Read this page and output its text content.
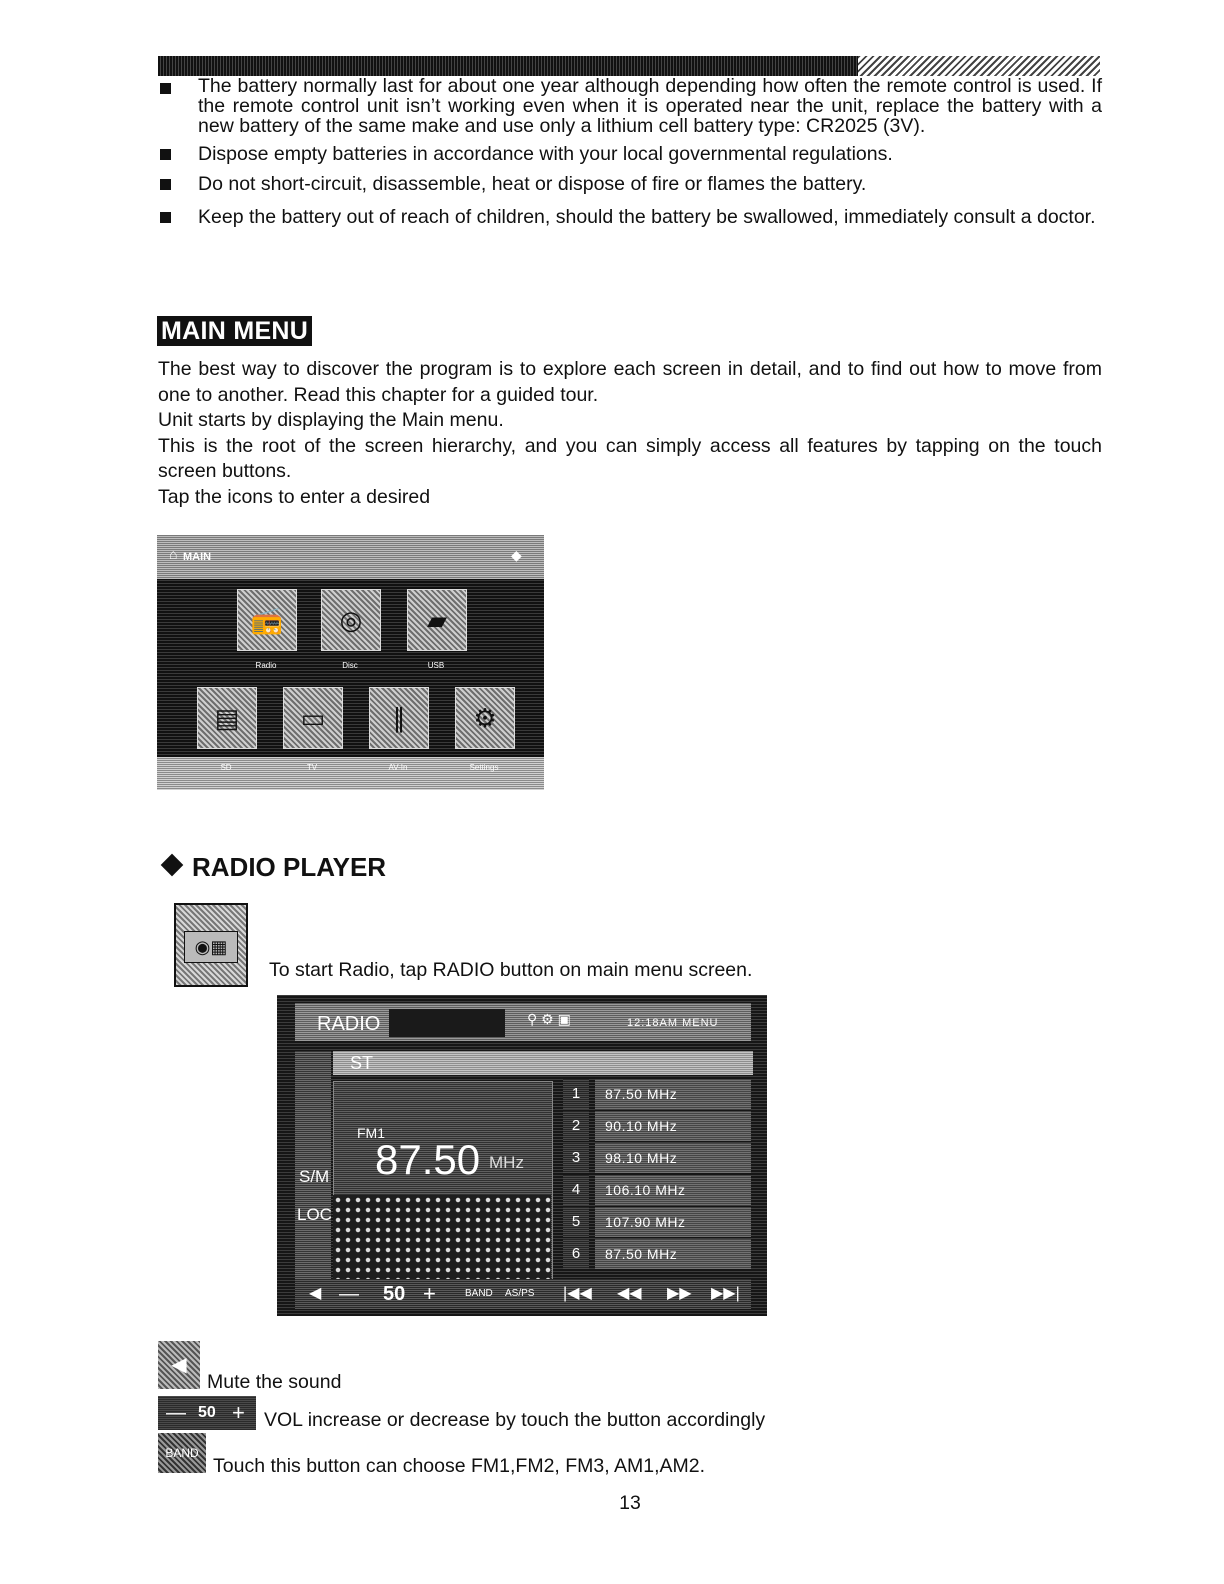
The battery normally last for about one year although depending how often the remote control is used. If the remote control unit isn’t working even when it is operated near the unit, replace the battery with a new battery of the same make and use only a lithium cell battery type: CR2025 (3V).
Dispose empty batteries in accordance with your local governmental regulations.
Do not short-circuit, disassemble, heat or dispose of fire or flames the battery.
Keep the battery out of reach of children, should the battery be swallowed, immediately consult a doctor.
MAIN MENU

The best way to discover the program is to explore each screen in detail, and to find out how to move from one to another. Read this chapter for a guided tour.

Unit starts by displaying the Main menu.

This is the root of the screen hierarchy, and you can simply access all features by tapping on the touch screen buttons.

Tap the icons to enter a desired

⌂ MAIN	◆
📻	◎	▰
Radio	Disc	USB
▤	▭	∥	⚙
SD	TV	AV-In	Settings
RADIO PLAYER
◉▦
To start Radio, tap RADIO button on main menu screen.
RADIO	⚲ ⚙ ▣	12:18AM MENU
ST
FM1
87.50 MHz
S/M
LOC
1	87.50 MHz
2	90.10 MHz
3	98.10 MHz
4	106.10 MHz
5	107.90 MHz
6	87.50 MHz
◀ — 50 +	BAND AS/PS |◀◀ ◀◀ ▶▶ ▶▶|
◀
Mute the sound
— 50 + VOL increase or decrease by touch the button accordingly
BAND
Touch this button can choose FM1,FM2, FM3, AM1,AM2.
13
